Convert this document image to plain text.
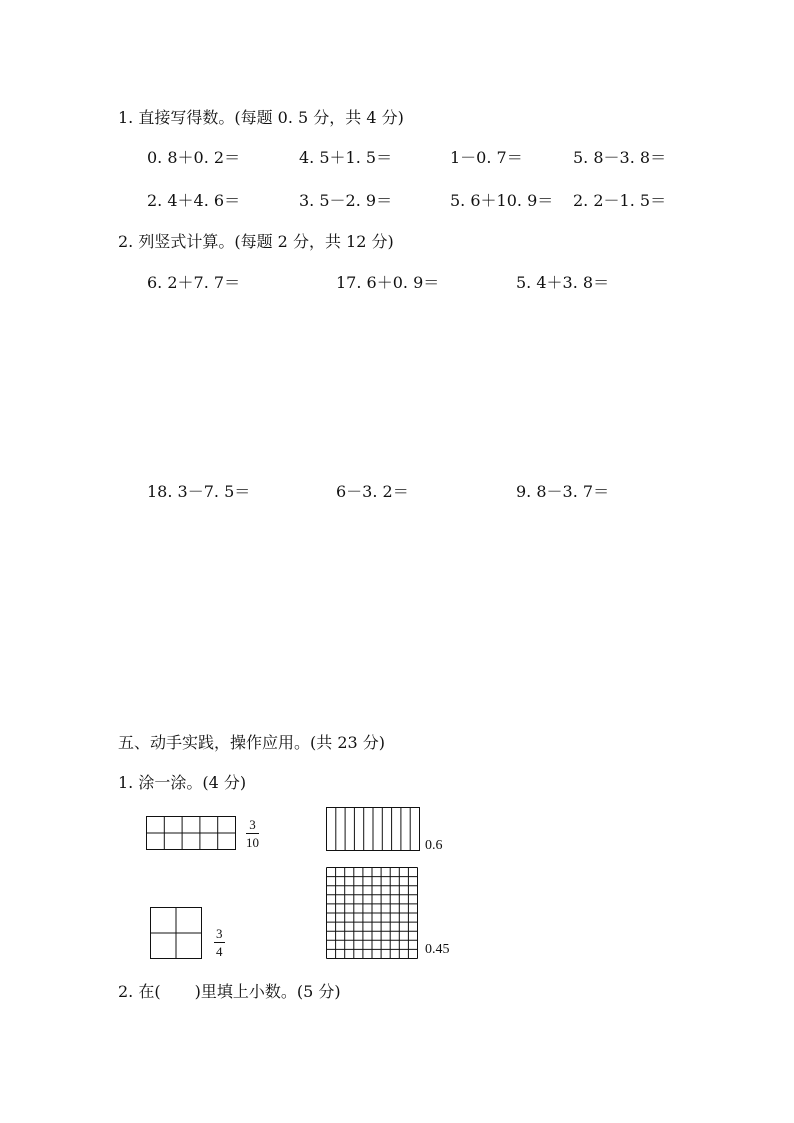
1. 直接写得数。(每题 0. 5 分，共 4 分)
0. 8＋0. 2＝	4. 5＋1. 5＝	1－0. 7＝	5. 8－3. 8＝
2. 4＋4. 6＝	3. 5－2. 9＝	5. 6＋10. 9＝ 2. 2－1. 5＝
2. 列竖式计算。(每题 2 分，共 12 分)
6. 2＋7. 7＝	17. 6＋0. 9＝	5. 4＋3. 8＝
18. 3－7. 5＝	6－3. 2＝	9. 8－3. 7＝
五、动手实践，操作应用。(共 23 分)
1. 涂一涂。(4 分)
$\frac{3}{10}$	0.6
$\frac{3}{4}$	0.45
2. 在( )里填上小数。(5 分)
